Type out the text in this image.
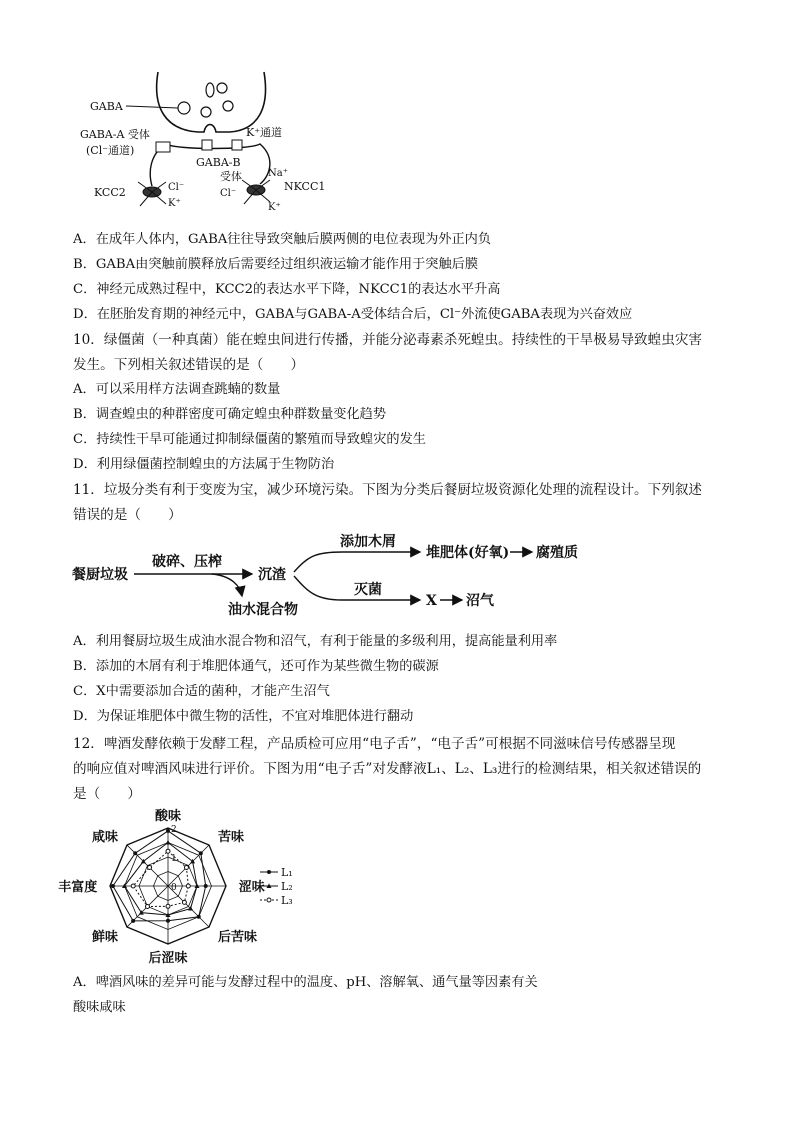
GABA
GABA-A 受体
(Cl⁻通道)
K⁺通道
GABA-B
受体
KCC2	Cl⁻
K⁺
NKCC1
Na⁺
Cl⁻
K⁺
A．在成年人体内，GABA往往导致突触后膜两侧的电位表现为外正内负
B．GABA由突触前膜释放后需要经过组织液运输才能作用于突触后膜
C．神经元成熟过程中，KCC2的表达水平下降，NKCC1的表达水平升高
D．在胚胎发育期的神经元中，GABA与GABA-A受体结合后，Cl⁻外流使GABA表现为兴奋效应
10．绿僵菌（一种真菌）能在蝗虫间进行传播，并能分泌毒素杀死蝗虫。持续性的干旱极易导致蝗虫灾害
发生。下列相关叙述错误的是（　　）
A．可以采用样方法调查跳蝻的数量
B．调查蝗虫的种群密度可确定蝗虫种群数量变化趋势
C．持续性干旱可能通过抑制绿僵菌的繁殖而导致蝗灾的发生
D．利用绿僵菌控制蝗虫的方法属于生物防治
11．垃圾分类有利于变废为宝，减少环境污染。下图为分类后餐厨垃圾资源化处理的流程设计。下列叙述
错误的是（　　）
餐厨垃圾
破碎、压榨
油水混合物
沉渣
添加木屑
堆肥体(好氧) 腐殖质
灭菌
X 沼气
A．利用餐厨垃圾生成油水混合物和沼气，有利于能量的多级利用，提高能量利用率
B．添加的木屑有利于堆肥体通气，还可作为某些微生物的碳源
C．X中需要添加合适的菌种，才能产生沼气
D．为保证堆肥体中微生物的活性，不宜对堆肥体进行翻动
12．啤酒发酵依赖于发酵工程，产品质检可应用“电子舌”，“电子舌”可根据不同滋味信号传感器呈现
的响应值对啤酒风味进行评价。下图为用“电子舌”对发酵液L₁、L₂、L₃进行的检测结果，相关叙述错误的
是（　　）
0
1
2
酸味
苦味
涩味
后苦味
后涩味
鲜味
丰富度
咸味
L₁
L₂
L₃
A．啤酒风味的差异可能与发酵过程中的温度、pH、溶解氧、通气量等因素有关
酸味咸味
